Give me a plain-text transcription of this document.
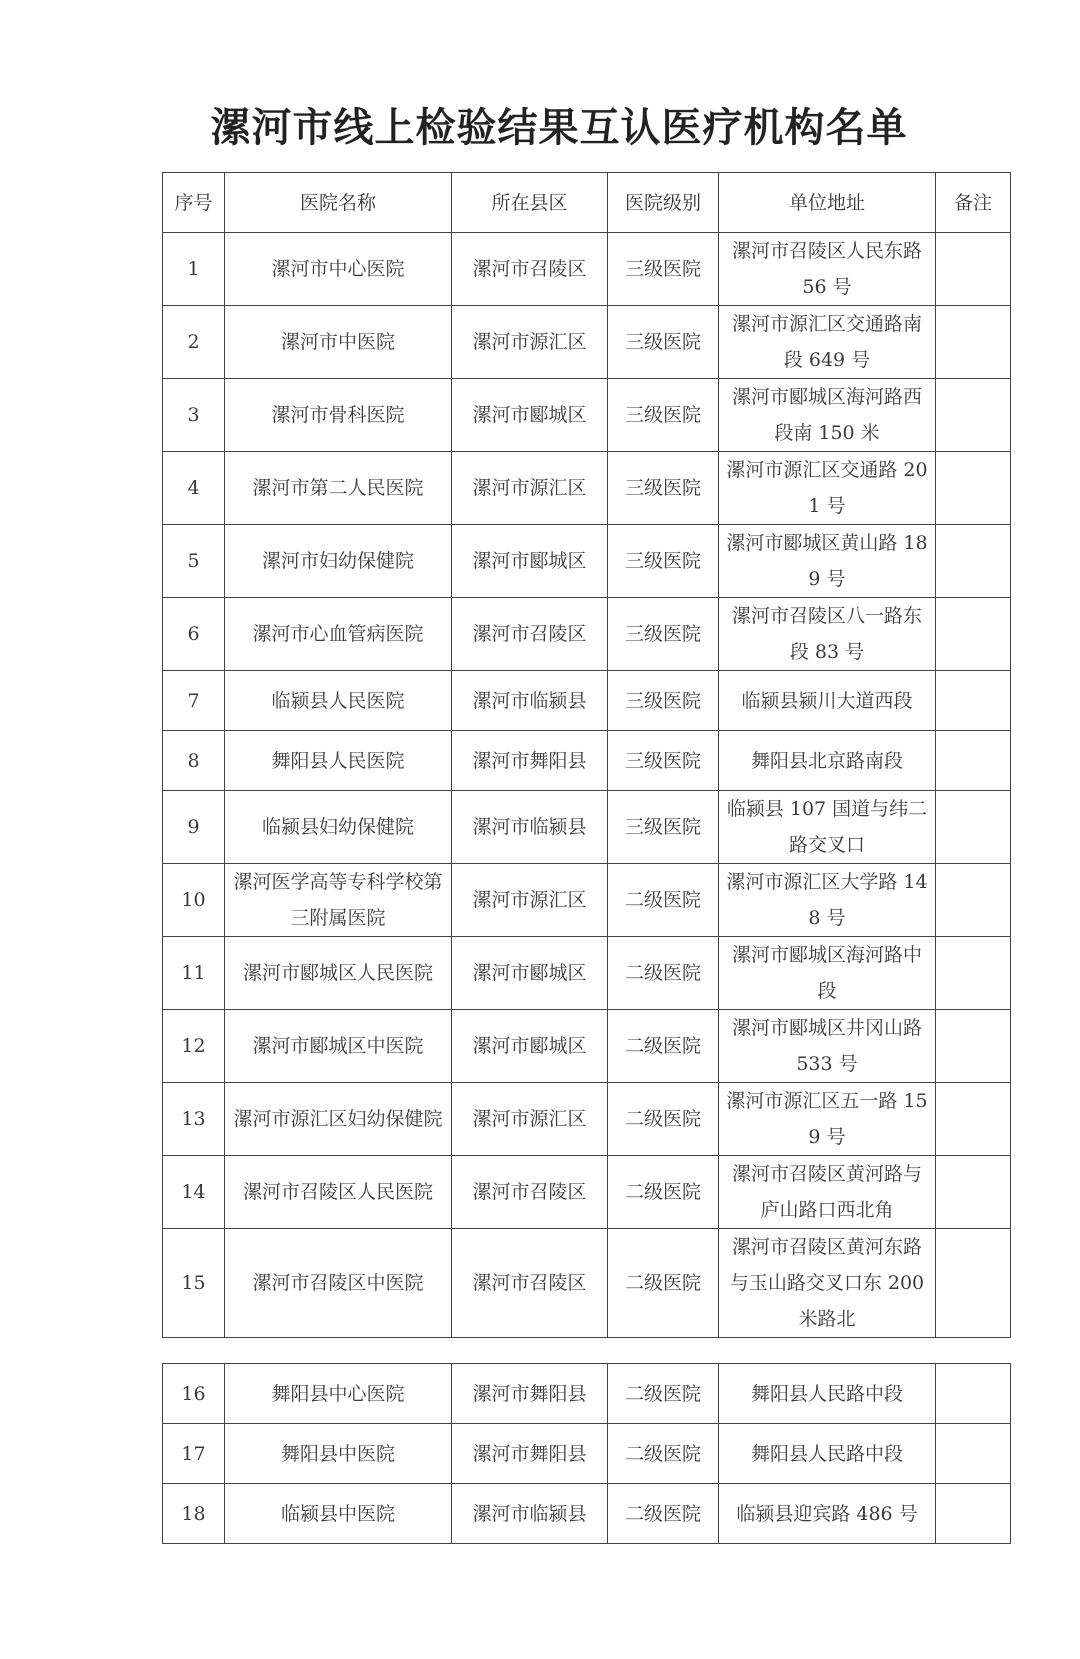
漯河市线上检验结果互认医疗机构名单
序号	医院名称	所在县区	医院级别	单位地址	备注
1	漯河市中心医院	漯河市召陵区	三级医院	漯河市召陵区人民东路 56 号	
2	漯河市中医院	漯河市源汇区	三级医院	漯河市源汇区交通路南段 649 号	
3	漯河市骨科医院	漯河市郾城区	三级医院	漯河市郾城区海河路西段南 150 米	
4	漯河市第二人民医院	漯河市源汇区	三级医院	漯河市源汇区交通路 201 号	
5	漯河市妇幼保健院	漯河市郾城区	三级医院	漯河市郾城区黄山路 189 号	
6	漯河市心血管病医院	漯河市召陵区	三级医院	漯河市召陵区八一路东段 83 号	
7	临颍县人民医院	漯河市临颍县	三级医院	临颍县颍川大道西段	
8	舞阳县人民医院	漯河市舞阳县	三级医院	舞阳县北京路南段	
9	临颍县妇幼保健院	漯河市临颍县	三级医院	临颍县 107 国道与纬二路交叉口	
10	漯河医学高等专科学校第三附属医院	漯河市源汇区	二级医院	漯河市源汇区大学路 148 号	
11	漯河市郾城区人民医院	漯河市郾城区	二级医院	漯河市郾城区海河路中段	
12	漯河市郾城区中医院	漯河市郾城区	二级医院	漯河市郾城区井冈山路 533 号	
13	漯河市源汇区妇幼保健院	漯河市源汇区	二级医院	漯河市源汇区五一路 159 号	
14	漯河市召陵区人民医院	漯河市召陵区	二级医院	漯河市召陵区黄河路与庐山路口西北角	
15	漯河市召陵区中医院	漯河市召陵区	二级医院	漯河市召陵区黄河东路与玉山路交叉口东 200 米路北	
16	舞阳县中心医院	漯河市舞阳县	二级医院	舞阳县人民路中段	
17	舞阳县中医院	漯河市舞阳县	二级医院	舞阳县人民路中段	
18	临颍县中医院	漯河市临颍县	二级医院	临颍县迎宾路 486 号	
